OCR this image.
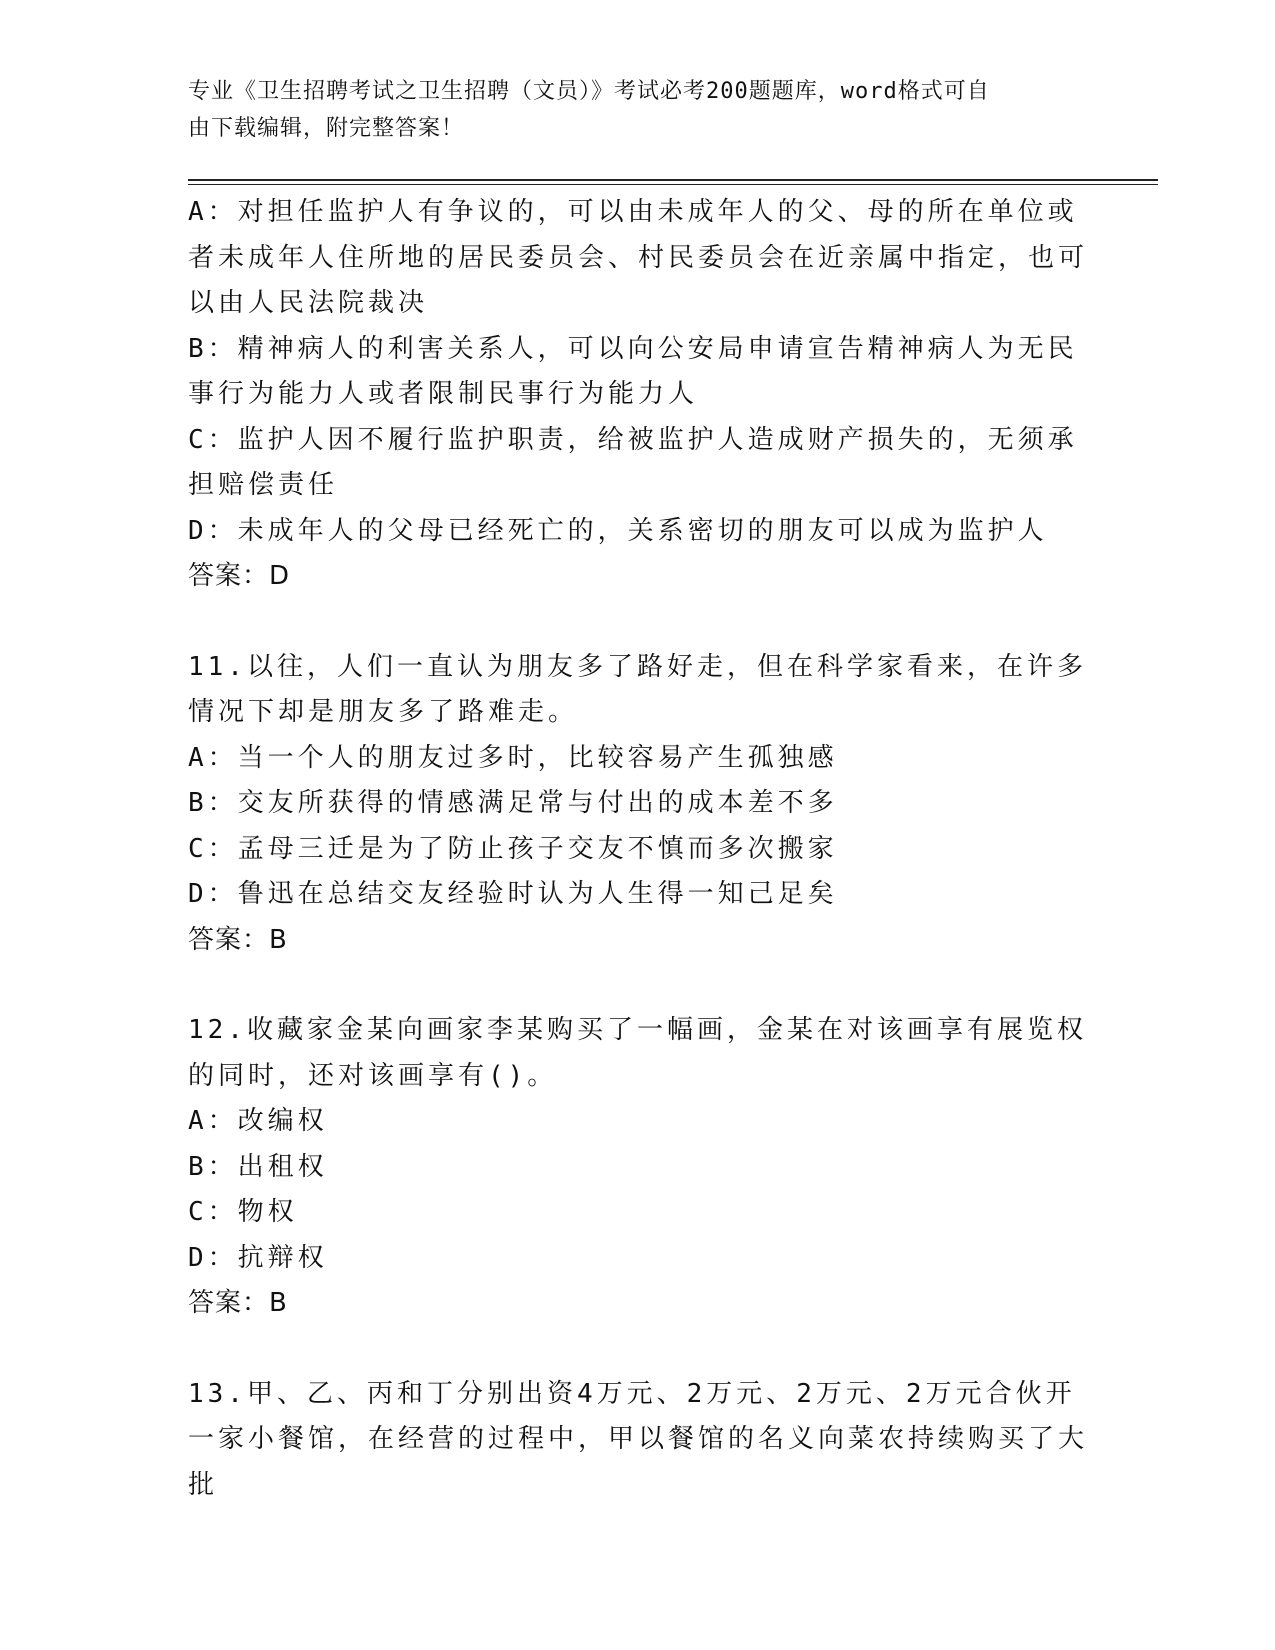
专业《卫生招聘考试之卫生招聘（文员）》考试必考200题题库，word格式可自
由下载编辑，附完整答案！

A：对担任监护人有争议的，可以由未成年人的父、母的所在单位或者未成年人住所地的居民委员会、村民委员会在近亲属中指定，也可以由人民法院裁决

B：精神病人的利害关系人，可以向公安局申请宣告精神病人为无民事行为能力人或者限制民事行为能力人

C：监护人因不履行监护职责，给被监护人造成财产损失的，无须承担赔偿责任

D：未成年人的父母已经死亡的，关系密切的朋友可以成为监护人

答案：D

11.以往，人们一直认为朋友多了路好走，但在科学家看来，在许多情况下却是朋友多了路难走。

A：当一个人的朋友过多时，比较容易产生孤独感

B：交友所获得的情感满足常与付出的成本差不多

C：孟母三迁是为了防止孩子交友不慎而多次搬家

D：鲁迅在总结交友经验时认为人生得一知己足矣

答案：B

12.收藏家金某向画家李某购买了一幅画，金某在对该画享有展览权的同时，还对该画享有()。

A：改编权

B：出租权

C：物权

D：抗辩权

答案：B

13.甲、乙、丙和丁分别出资4万元、2万元、2万元、2万元合伙开一家小餐馆，在经营的过程中，甲以餐馆的名义向菜农持续购买了大批
